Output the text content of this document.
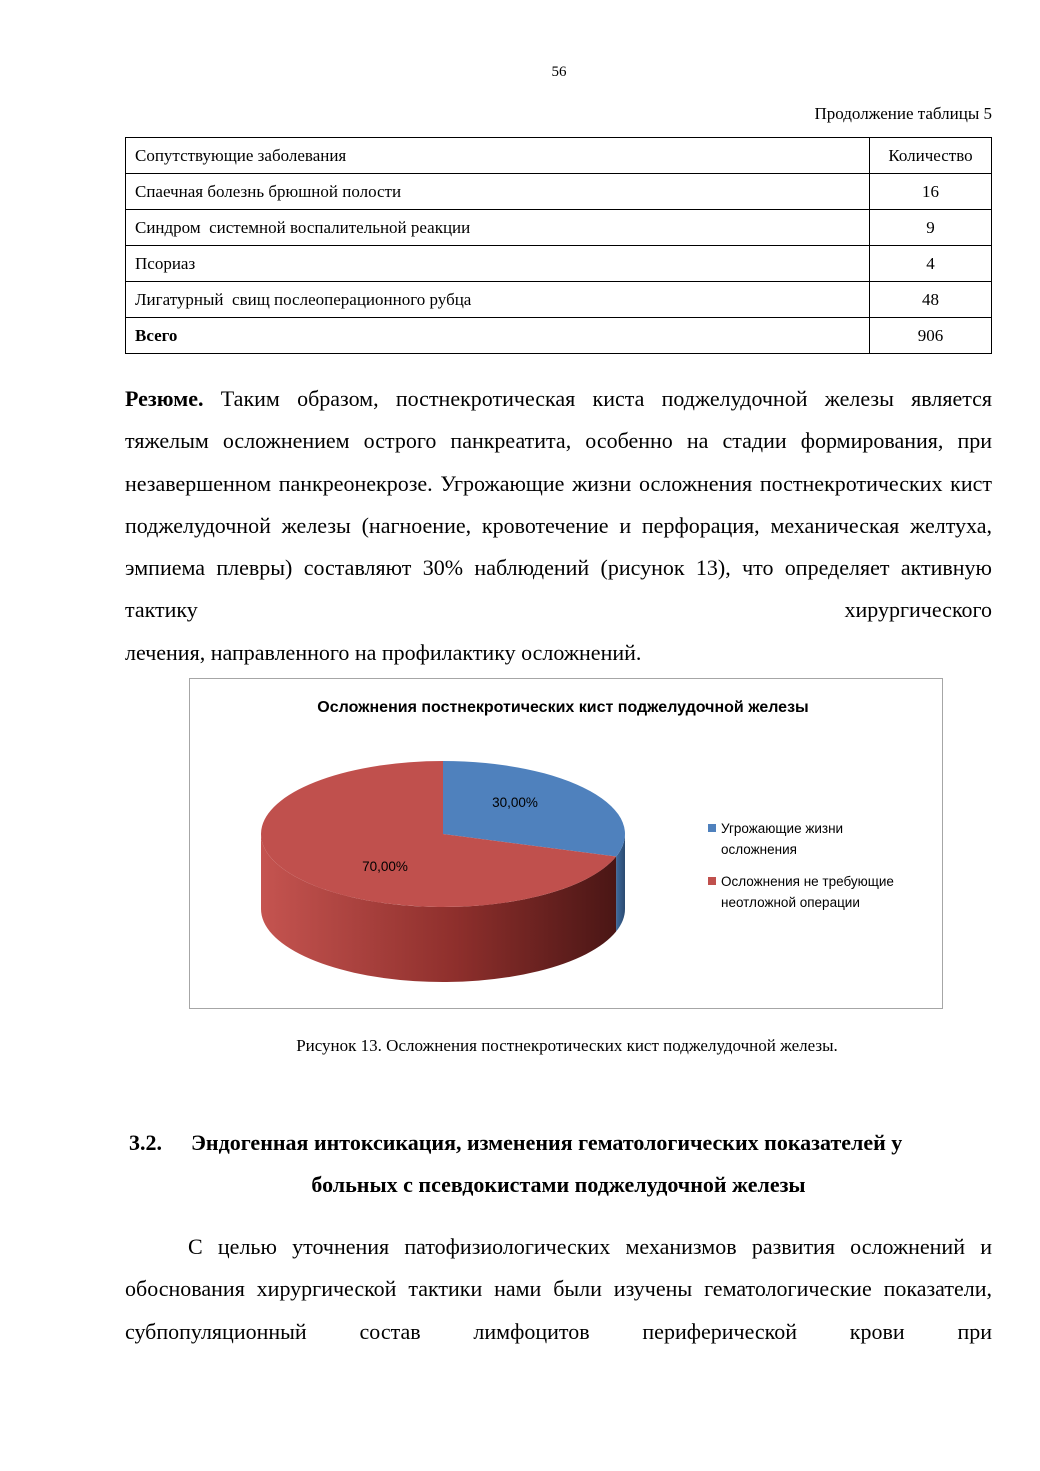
56
Продолжение таблицы 5
Сопутствующие заболевания	Количество
Спаечная болезнь брюшной полости	16
Синдром  системной воспалительной реакции	9
Псориаз	4
Лигатурный  свищ послеоперационного рубца	48
Всего	906
Резюме. Таким образом, постнекротическая киста поджелудочной железы является тяжелым осложнением острого панкреатита, особенно на стадии формирования, при незавершенном панкреонекрозе. Угрожающие жизни осложнения постнекротических кист поджелудочной железы (нагноение, кровотечение и перфорация, механическая желтуха, эмпиема плевры) составляют 30% наблюдений (рисунок 13), что определяет активную тактику хирургического
лечения, направленного на профилактику осложнений.
Осложнения постнекротических кист поджелудочной железы
30,00%
70,00%
Угрожающие жизни
осложнения
Осложнения не требующие
неотложной операции
Рисунок 13. Осложнения постнекротических кист поджелудочной железы.
3.2. Эндогенная интоксикация, изменения гематологических показателей у
больных с псевдокистами поджелудочной железы
С целью уточнения патофизиологических механизмов развития осложнений и обоснования хирургической тактики нами были изучены гематологические показатели, субпопуляционный состав лимфоцитов периферической крови при
